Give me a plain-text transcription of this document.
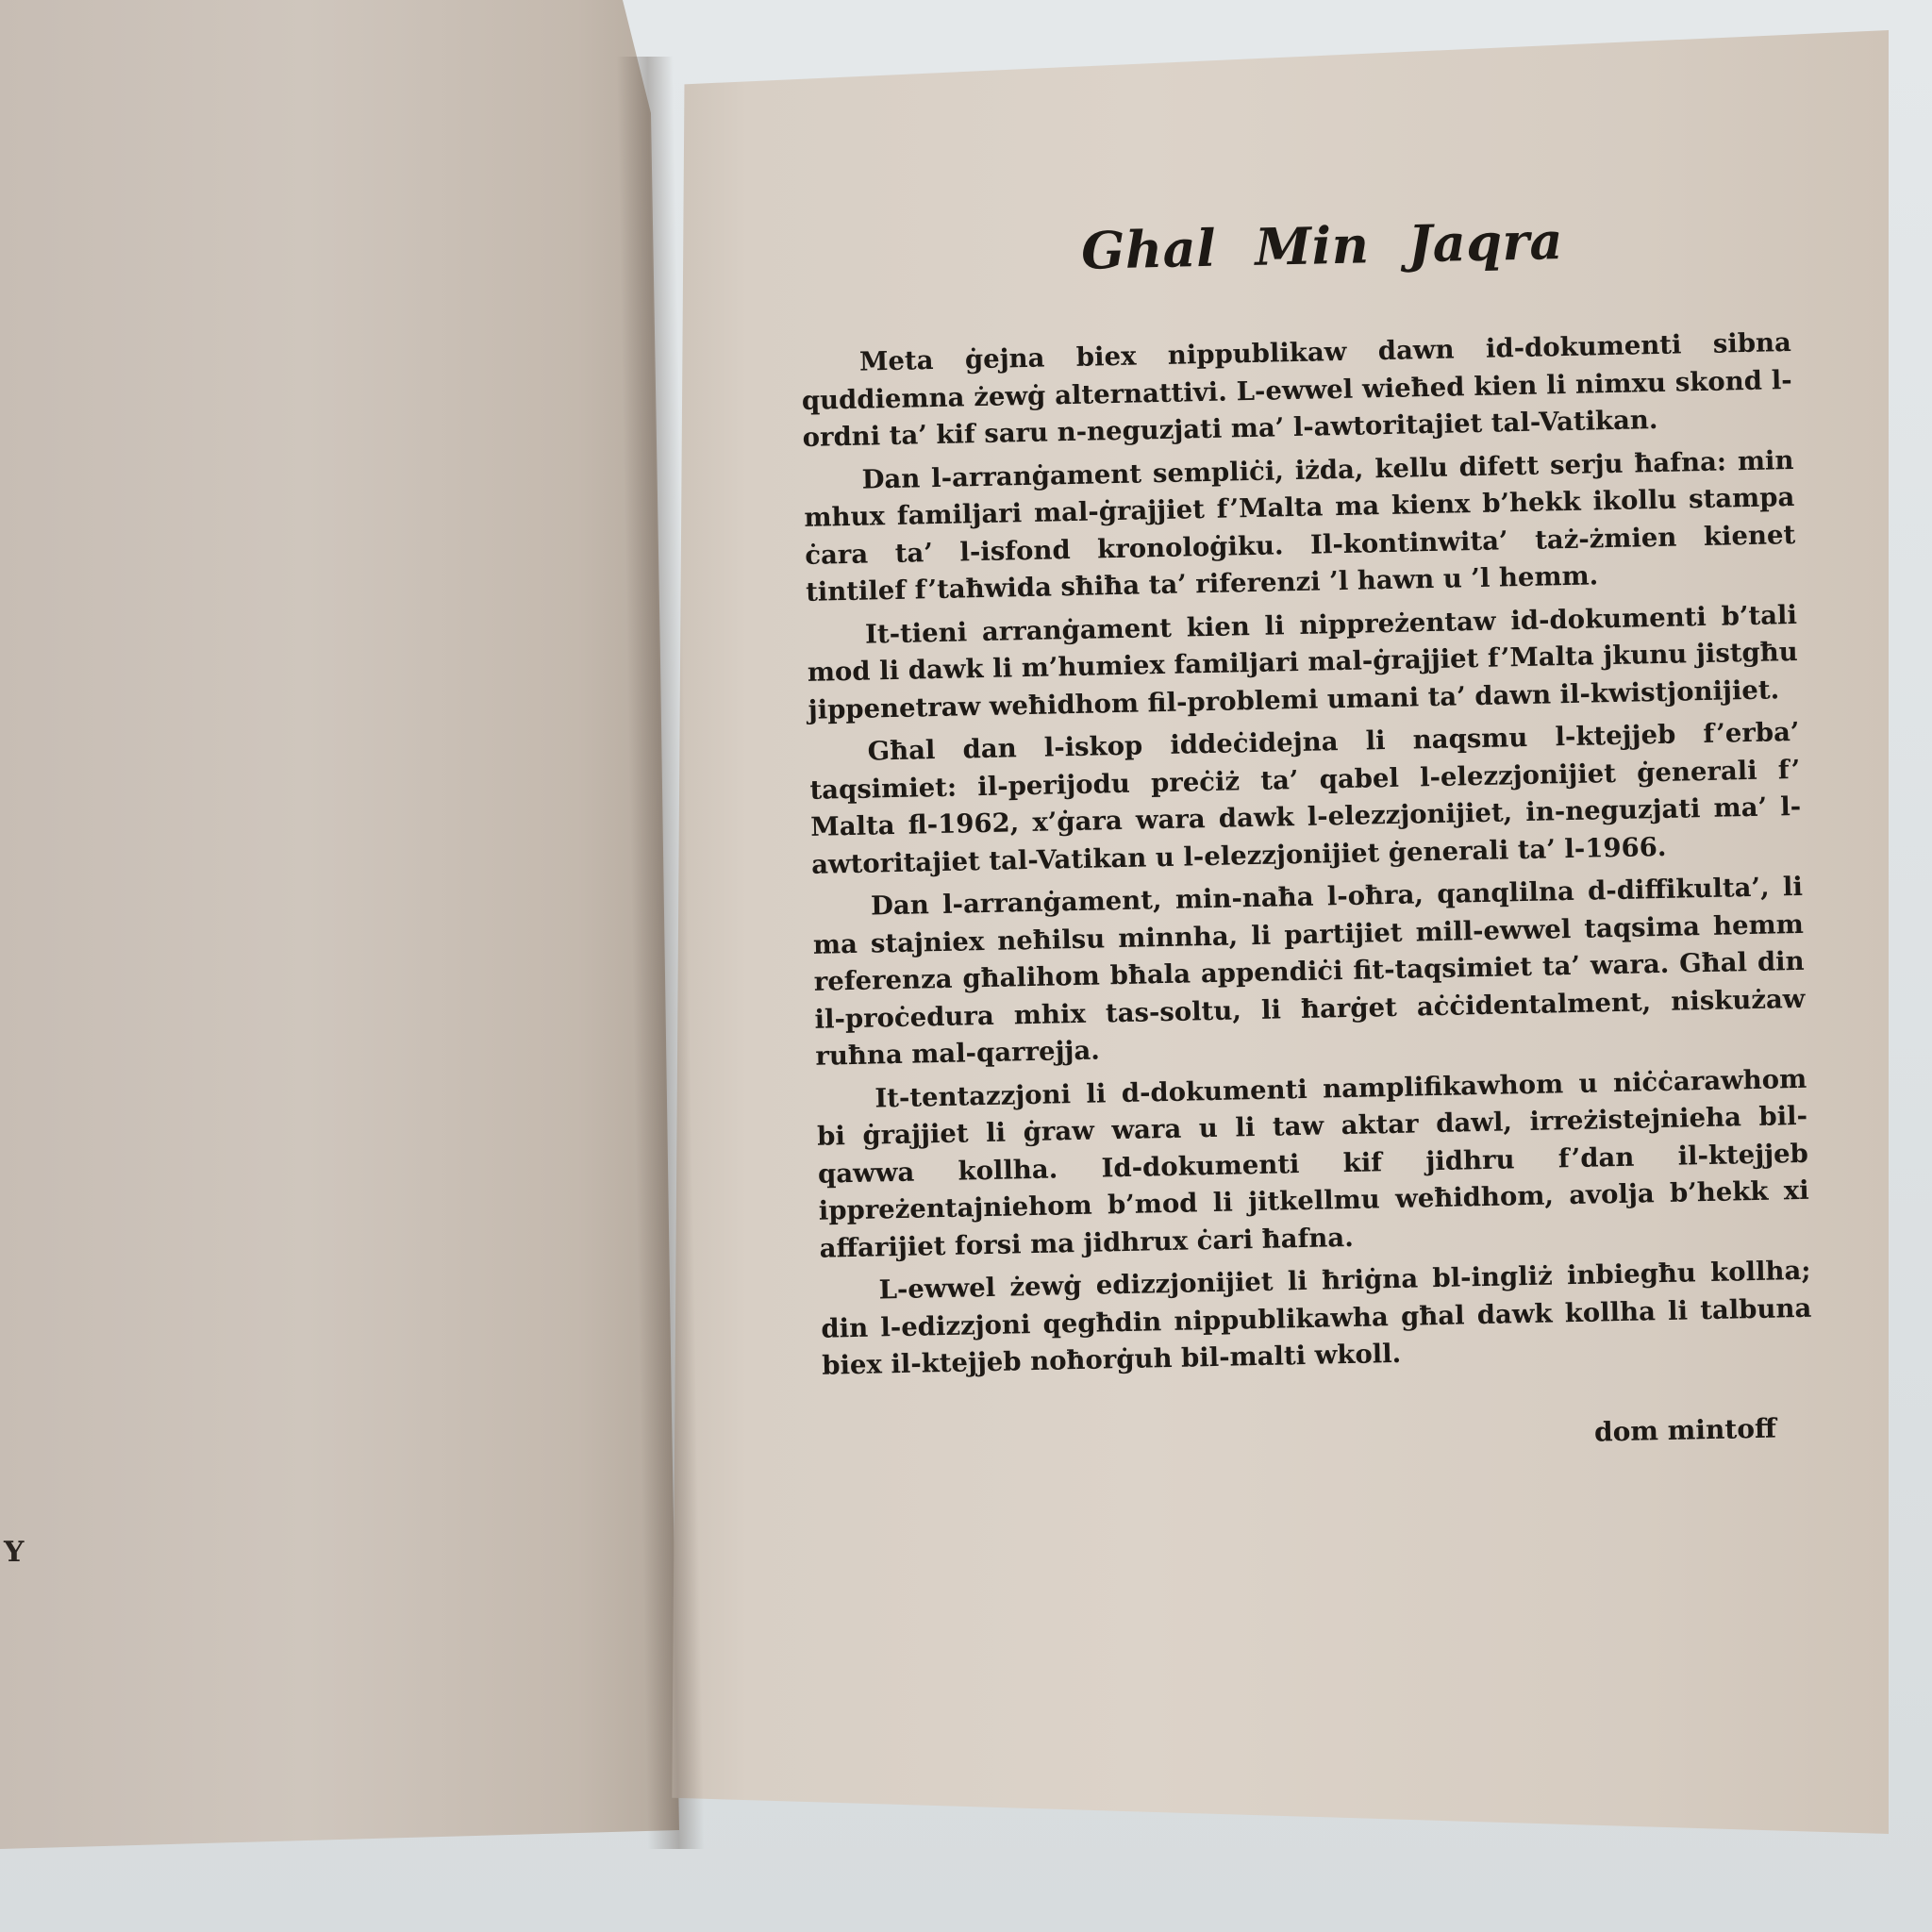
Y
Ghal Min Jaqra

Meta ġejna biex nippublikaw dawn id-dokumenti sibna quddiemna żewġ alternattivi. L-ewwel wieħed kien li nimxu skond l-ordni ta’ kif saru n-neguzjati ma’ l-awtoritajiet tal-Vatikan.

Dan l-arranġament sempliċi, iżda, kellu difett serju ħafna: min mhux familjari mal-ġrajjiet f’Malta ma kienx b’hekk ikollu stampa ċara ta’ l-isfond kronoloġiku. Il-kontinwita’ taż-żmien kienet tintilef f’taħwida sħiħa ta’ riferenzi ’l hawn u ’l hemm.

It-tieni arranġament kien li nippreżentaw id-dokumenti b’tali mod li dawk li m’humiex familjari mal-ġrajjiet f’Malta jkunu jistgħu jippenetraw weħidhom fil-problemi umani ta’ dawn il-kwistjonijiet.

Għal dan l-iskop iddeċidejna li naqsmu l-ktejjeb f’erba’ taqsimiet: il-perijodu preċiż ta’ qabel l-elezzjonijiet ġenerali f’ Malta fl-1962, x’ġara wara dawk l-elezzjonijiet, in-neguzjati ma’ l-awtoritajiet tal-Vatikan u l-elezzjonijiet ġenerali ta’ l-1966.

Dan l-arranġament, min-naħa l-oħra, qanqlilna d-diffikulta’, li ma stajniex neħilsu minnha, li partijiet mill-ewwel taqsima hemm referenza għalihom bħala appendiċi fit-taqsimiet ta’ wara. Għal din il-proċedura mhix tas-soltu, li ħarġet aċċidentalment, niskużaw ruħna mal-qarrejja.

It-tentazzjoni li d-dokumenti namplifikawhom u niċċarawhom bi ġrajjiet li ġraw wara u li taw aktar dawl, irreżistejnieha bil-qawwa kollha. Id-dokumenti kif jidhru f’dan il-ktejjeb ippreżentajniehom b’mod li jitkellmu weħidhom, avolja b’hekk xi affarijiet forsi ma jidhrux ċari ħafna.

L-ewwel żewġ edizzjonijiet li ħriġna bl-ingliż inbiegħu kollha; din l-edizzjoni qegħdin nippublikawha għal dawk kollha li talbuna biex il-ktejjeb noħorġuh bil-malti wkoll.

dom mintoff
